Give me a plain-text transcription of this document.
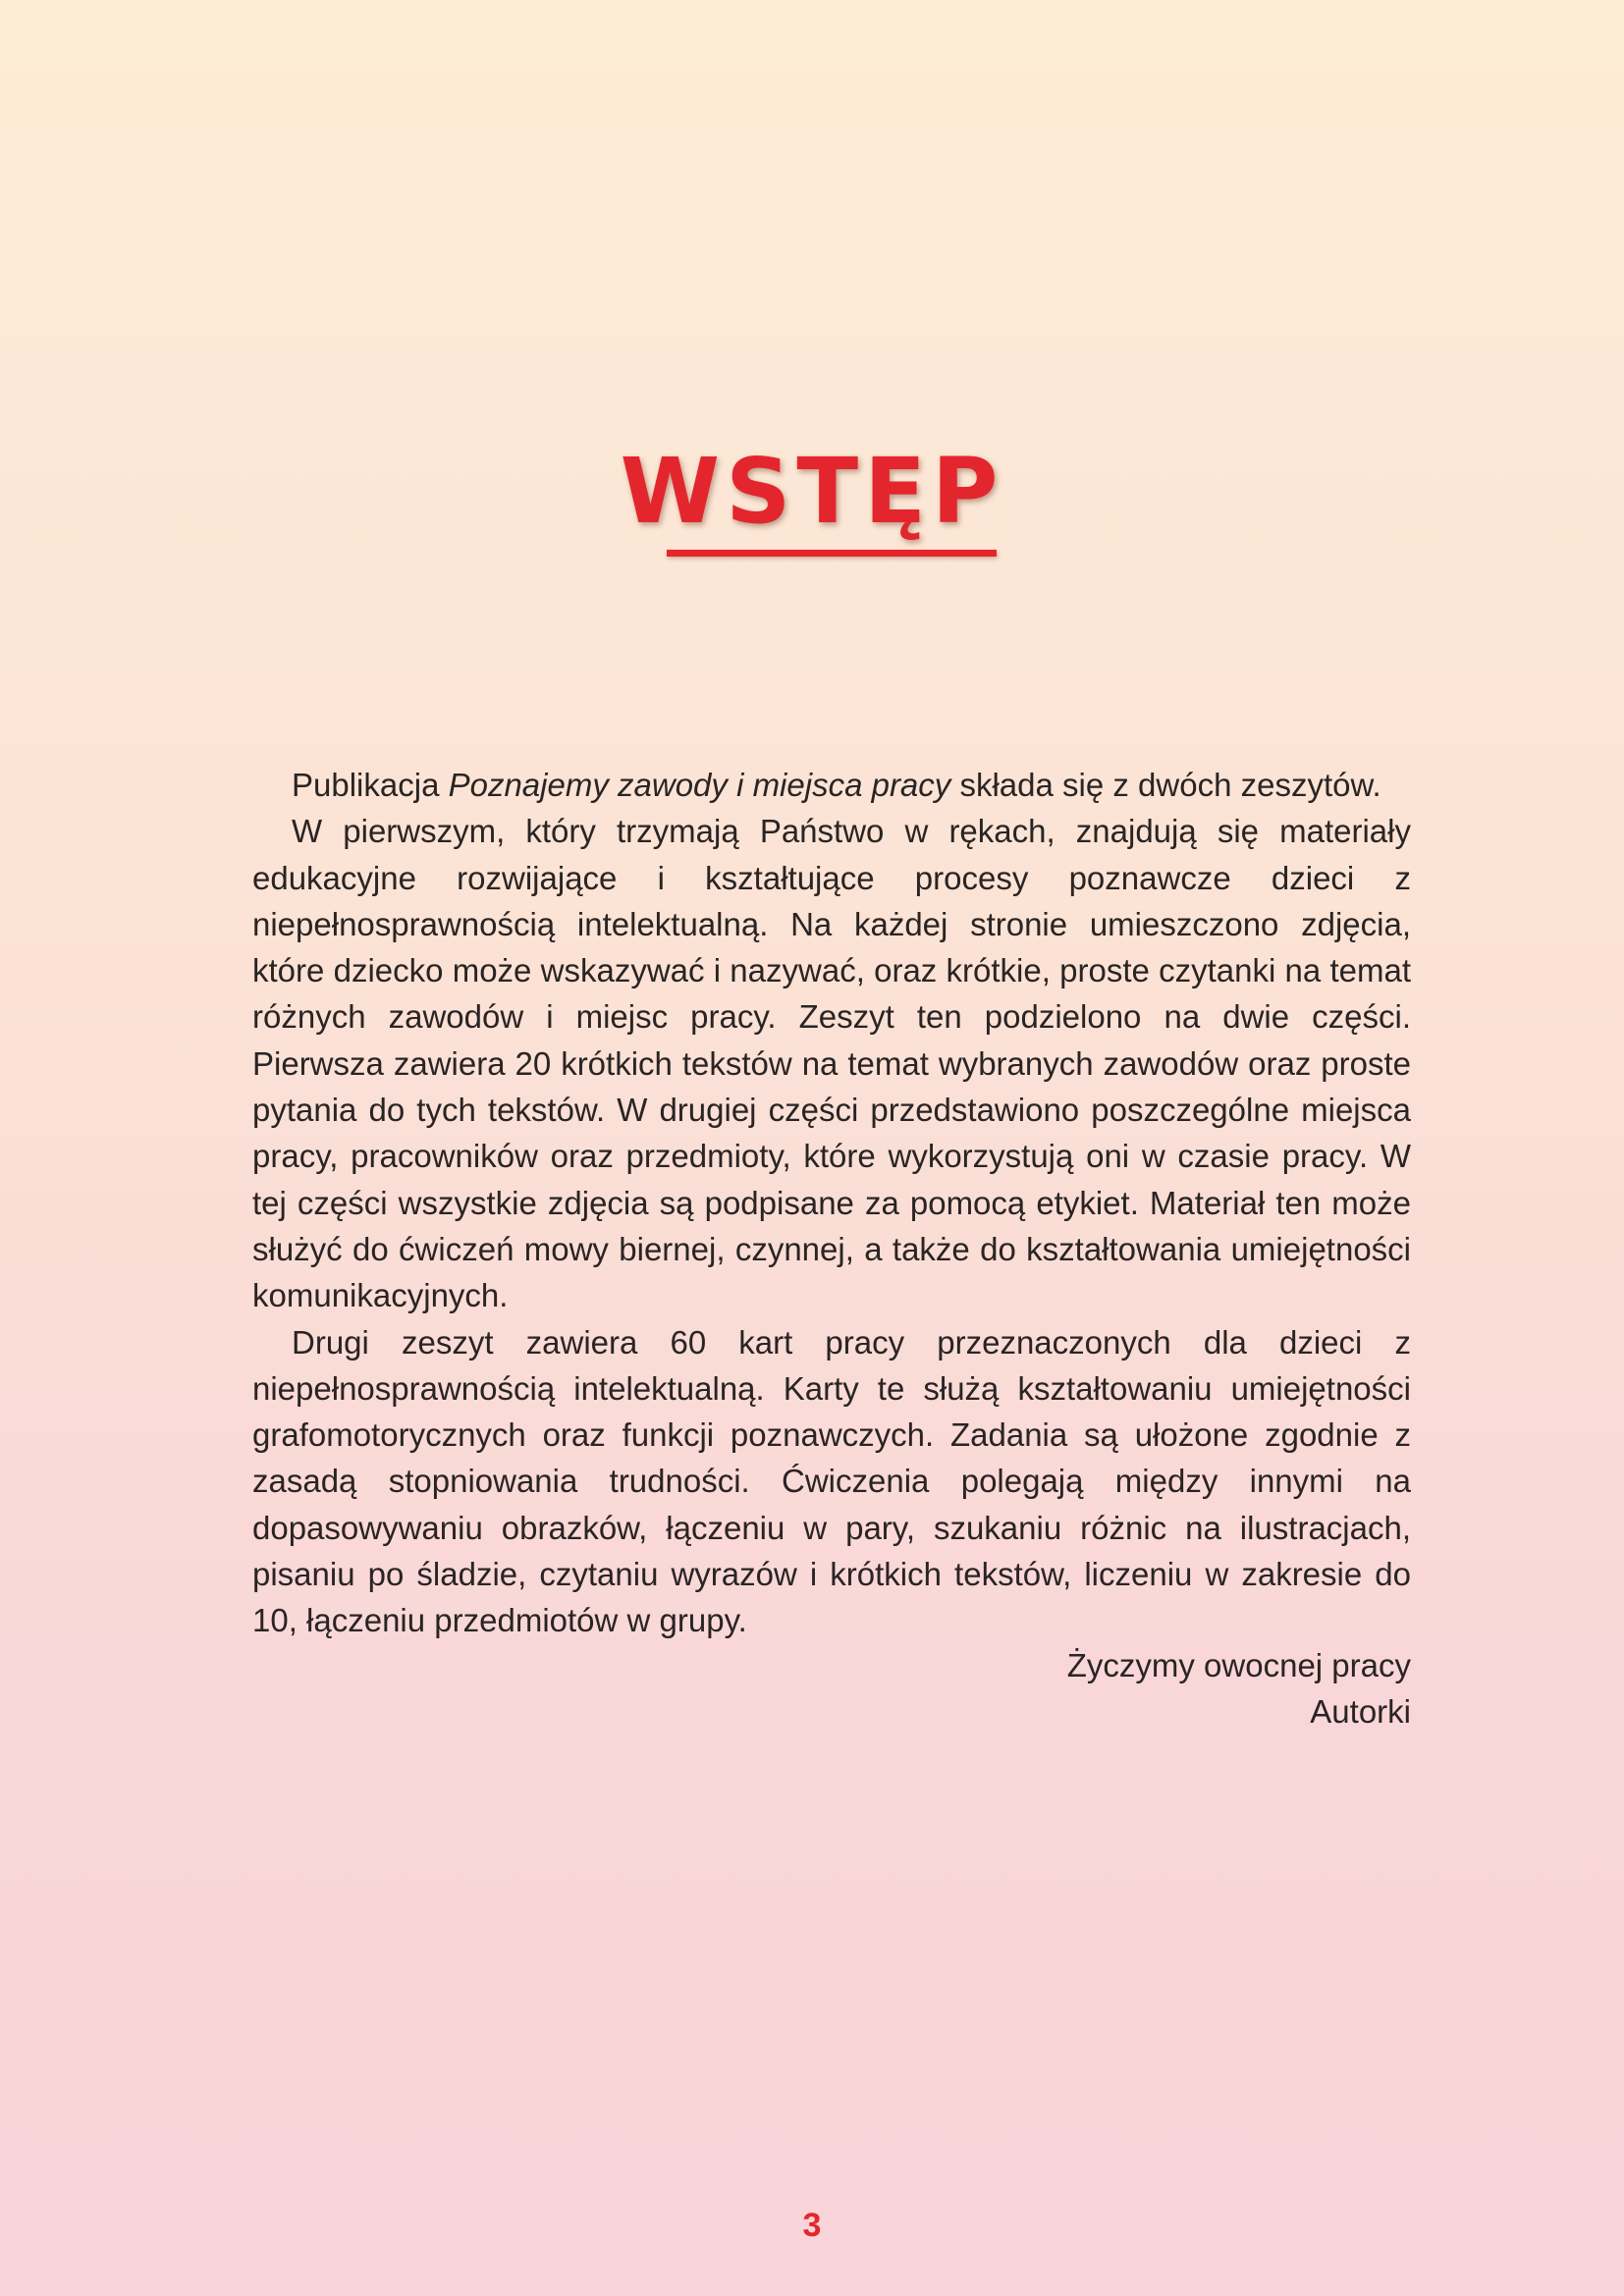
WSTĘP

Publikacja Poznajemy zawody i miejsca pracy składa się z dwóch zeszytów.

W pierwszym, który trzymają Państwo w rękach, znajdują się materiały edukacyjne rozwijające i kształtujące procesy poznawcze dzieci z niepełnosprawnością intelektualną. Na każdej stronie umieszczono zdjęcia, które dziecko może wskazywać i nazywać, oraz krótkie, proste czytanki na temat różnych zawodów i miejsc pracy. Zeszyt ten podzielono na dwie części. Pierwsza zawiera 20 krótkich tekstów na temat wybranych zawodów oraz proste pytania do tych tekstów. W drugiej części przedstawiono poszczególne miejsca pracy, pracowników oraz przedmioty, które wykorzystują oni w czasie pracy. W tej części wszystkie zdjęcia są podpisane za pomocą etykiet. Materiał ten może służyć do ćwiczeń mowy biernej, czynnej, a także do kształtowania umiejętności komunikacyjnych.

Drugi zeszyt zawiera 60 kart pracy przeznaczonych dla dzieci z niepełnosprawnością intelektualną. Karty te służą kształtowaniu umiejętności grafomotorycznych oraz funkcji poznawczych. Zadania są ułożone zgodnie z zasadą stopniowania trudności. Ćwiczenia polegają między innymi na dopasowywaniu obrazków, łączeniu w pary, szukaniu różnic na ilustracjach, pisaniu po śladzie, czytaniu wyrazów i krótkich tekstów, liczeniu w zakresie do 10, łączeniu przedmiotów w grupy.

Życzymy owocnej pracy
Autorki
3
